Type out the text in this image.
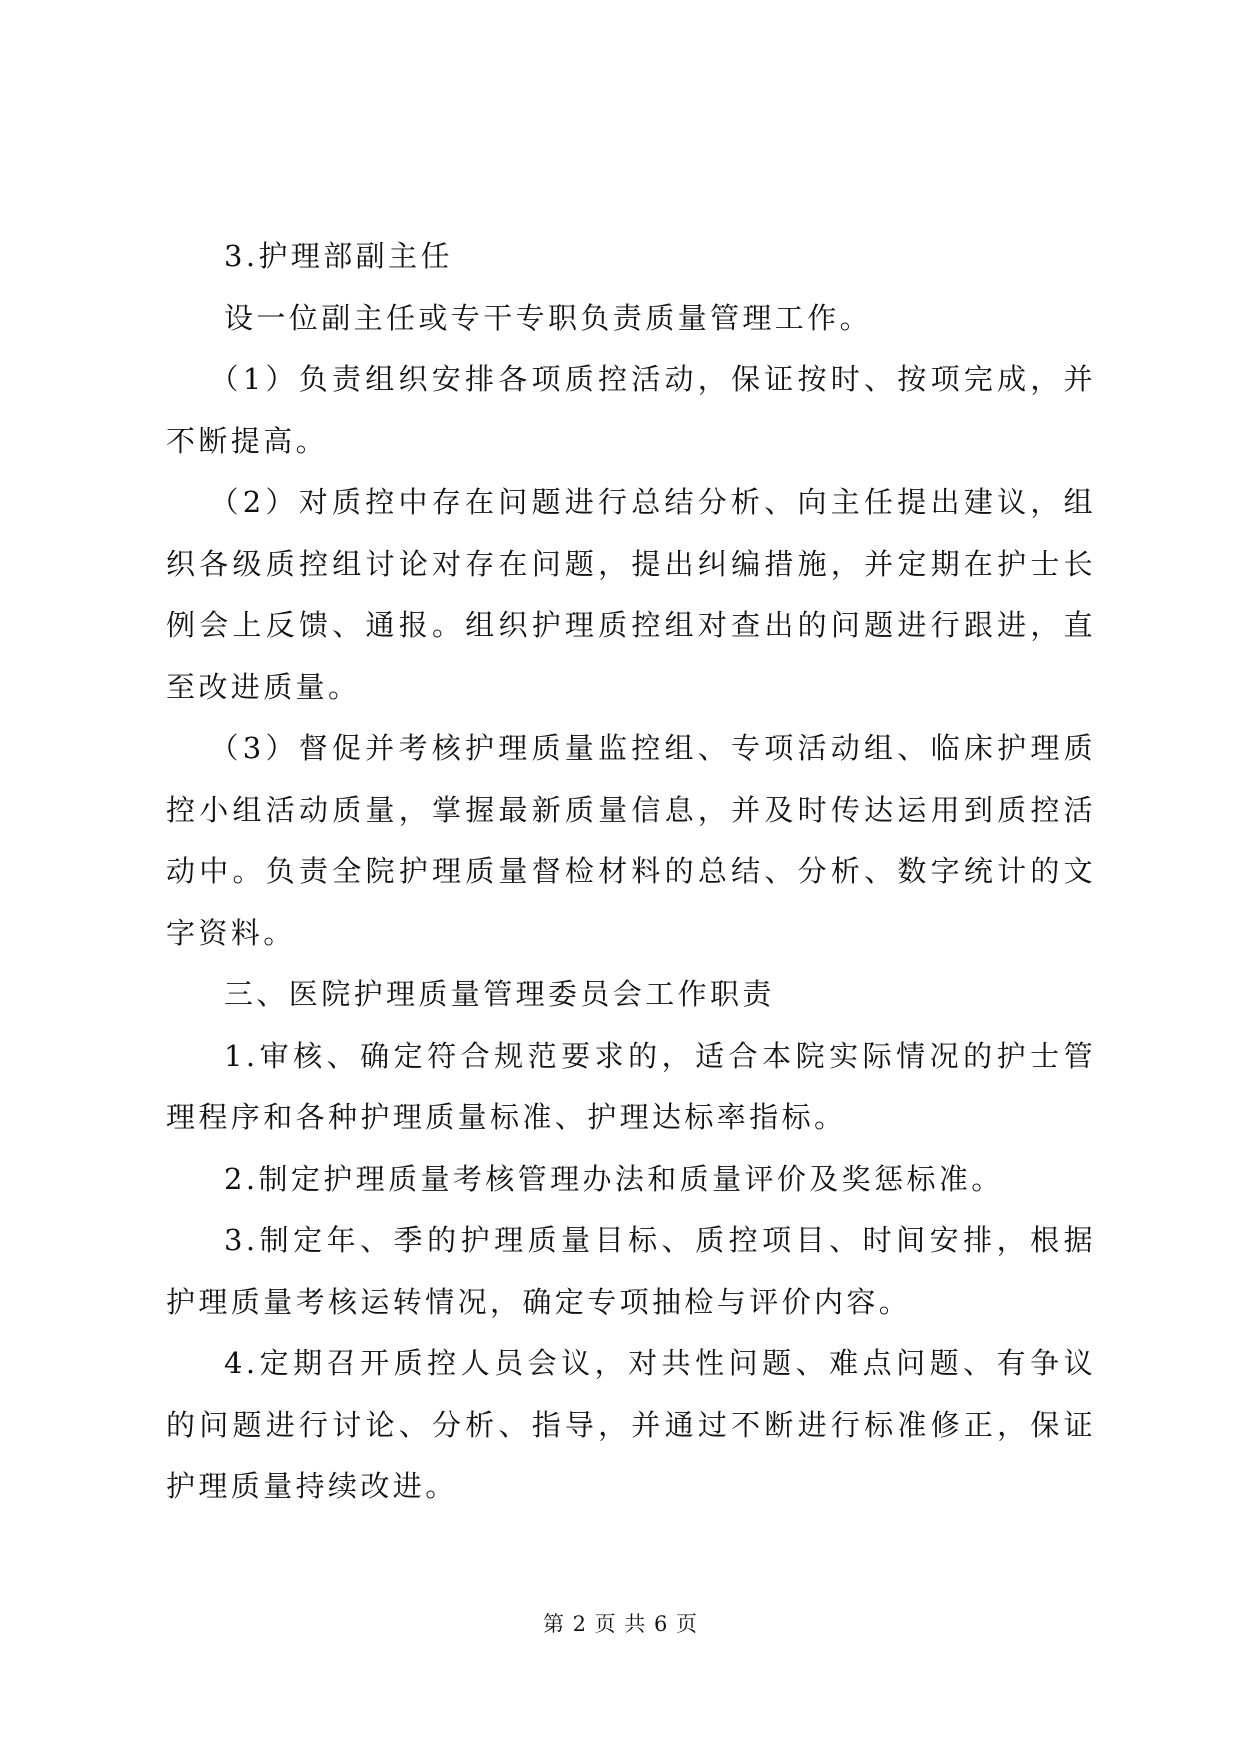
3.护理部副主任

设一位副主任或专干专职负责质量管理工作。

（1）负责组织安排各项质控活动，保证按时、按项完成，并不断提高。

（2）对质控中存在问题进行总结分析、向主任提出建议，组织各级质控组讨论对存在问题，提出纠编措施，并定期在护士长例会上反馈、通报。组织护理质控组对查出的问题进行跟进，直至改进质量。

（3）督促并考核护理质量监控组、专项活动组、临床护理质控小组活动质量，掌握最新质量信息，并及时传达运用到质控活动中。负责全院护理质量督检材料的总结、分析、数字统计的文字资料。

三、医院护理质量管理委员会工作职责

1.审核、确定符合规范要求的，适合本院实际情况的护士管理程序和各种护理质量标准、护理达标率指标。

2.制定护理质量考核管理办法和质量评价及奖惩标准。

3.制定年、季的护理质量目标、质控项目、时间安排，根据护理质量考核运转情况，确定专项抽检与评价内容。

4.定期召开质控人员会议，对共性问题、难点问题、有争议的问题进行讨论、分析、指导，并通过不断进行标准修正，保证护理质量持续改进。

第 2 页 共 6 页
